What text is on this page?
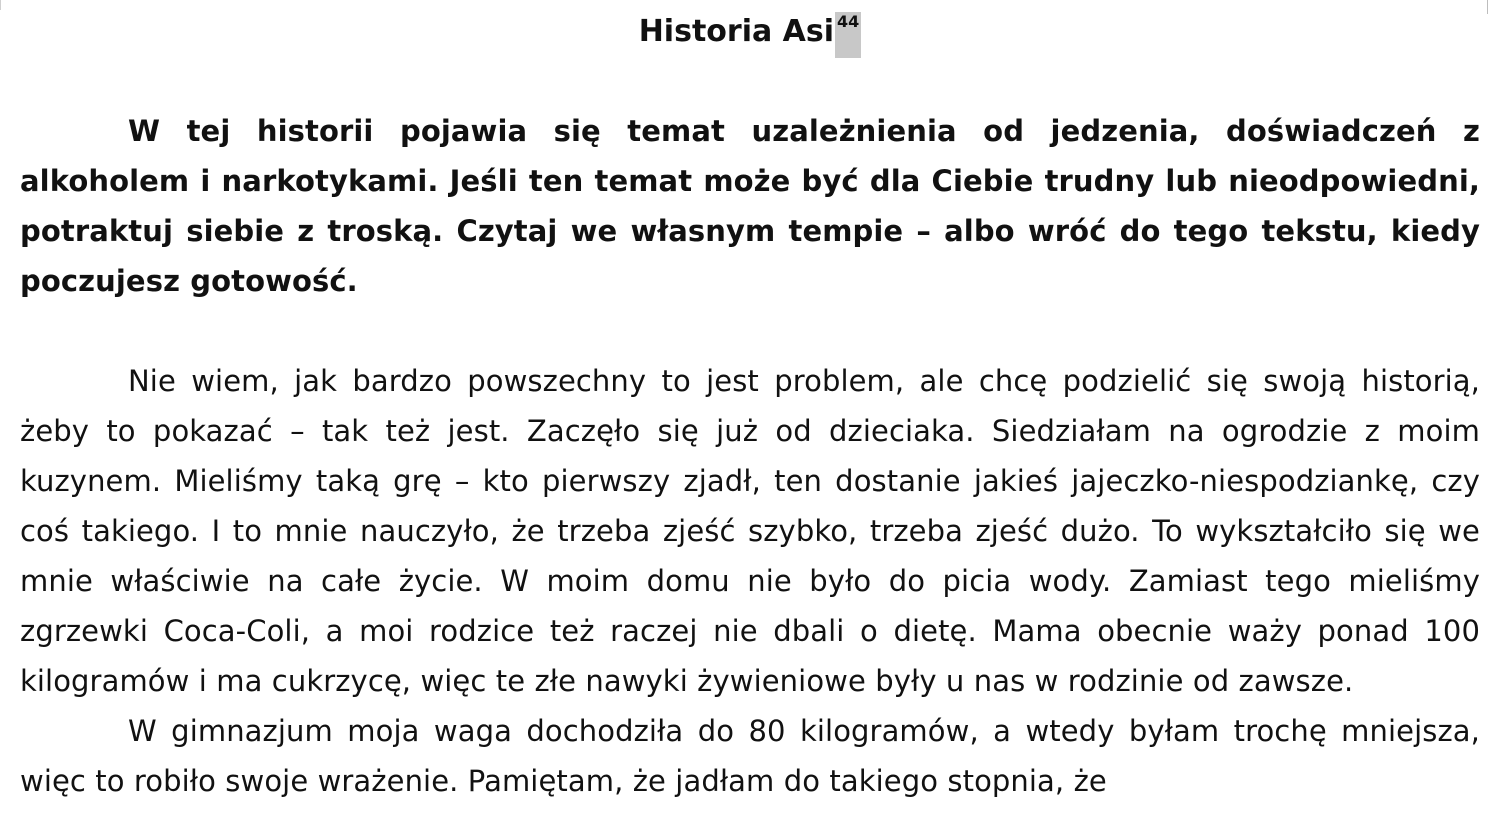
Historia Asi 44

W tej historii pojawia się temat uzależnienia od jedzenia, doświadczeń z alkoholem i narkotykami. Jeśli ten temat może być dla Ciebie trudny lub nieodpowiedni, potraktuj siebie z troską. Czytaj we własnym tempie – albo wróć do tego tekstu, kiedy poczujesz gotowość.

Nie wiem, jak bardzo powszechny to jest problem, ale chcę podzielić się swoją historią, żeby to pokazać – tak też jest. Zaczęło się już od dzieciaka. Siedziałam na ogrodzie z moim kuzynem. Mieliśmy taką grę – kto pierwszy zjadł, ten dostanie jakieś jajeczko-niespodziankę, czy coś takiego. I to mnie nauczyło, że trzeba zjeść szybko, trzeba zjeść dużo. To wykształciło się we mnie właściwie na całe życie. W moim domu nie było do picia wody. Zamiast tego mieliśmy zgrzewki Coca-Coli, a moi rodzice też raczej nie dbali o dietę. Mama obecnie waży ponad 100 kilogramów i ma cukrzycę, więc te złe nawyki żywieniowe były u nas w rodzinie od zawsze.

W gimnazjum moja waga dochodziła do 80 kilogramów, a wtedy byłam trochę mniejsza, więc to robiło swoje wrażenie. Pamiętam, że jadłam do takiego stopnia, że
